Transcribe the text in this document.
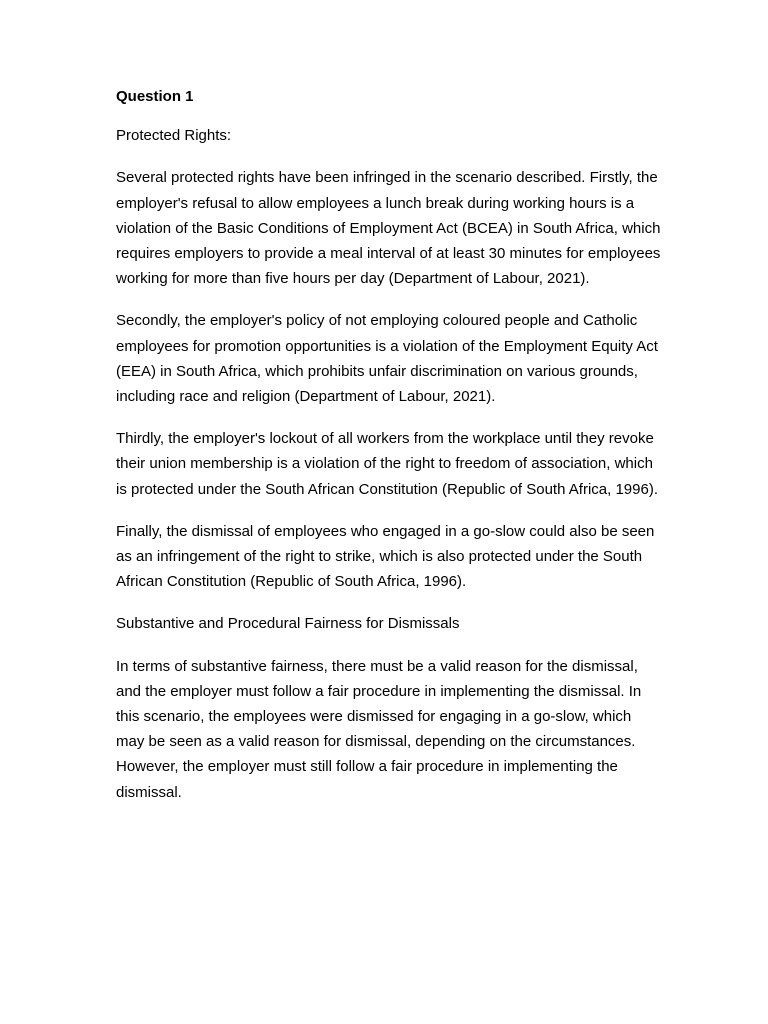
Question 1
Protected Rights:

Several protected rights have been infringed in the scenario described. Firstly, the employer's refusal to allow employees a lunch break during working hours is a violation of the Basic Conditions of Employment Act (BCEA) in South Africa, which requires employers to provide a meal interval of at least 30 minutes for employees working for more than five hours per day (Department of Labour, 2021).

Secondly, the employer's policy of not employing coloured people and Catholic employees for promotion opportunities is a violation of the Employment Equity Act (EEA) in South Africa, which prohibits unfair discrimination on various grounds, including race and religion (Department of Labour, 2021).

Thirdly, the employer's lockout of all workers from the workplace until they revoke their union membership is a violation of the right to freedom of association, which is protected under the South African Constitution (Republic of South Africa, 1996).

Finally, the dismissal of employees who engaged in a go-slow could also be seen as an infringement of the right to strike, which is also protected under the South African Constitution (Republic of South Africa, 1996).

Substantive and Procedural Fairness for Dismissals

In terms of substantive fairness, there must be a valid reason for the dismissal, and the employer must follow a fair procedure in implementing the dismissal. In this scenario, the employees were dismissed for engaging in a go-slow, which may be seen as a valid reason for dismissal, depending on the circumstances. However, the employer must still follow a fair procedure in implementing the dismissal.
